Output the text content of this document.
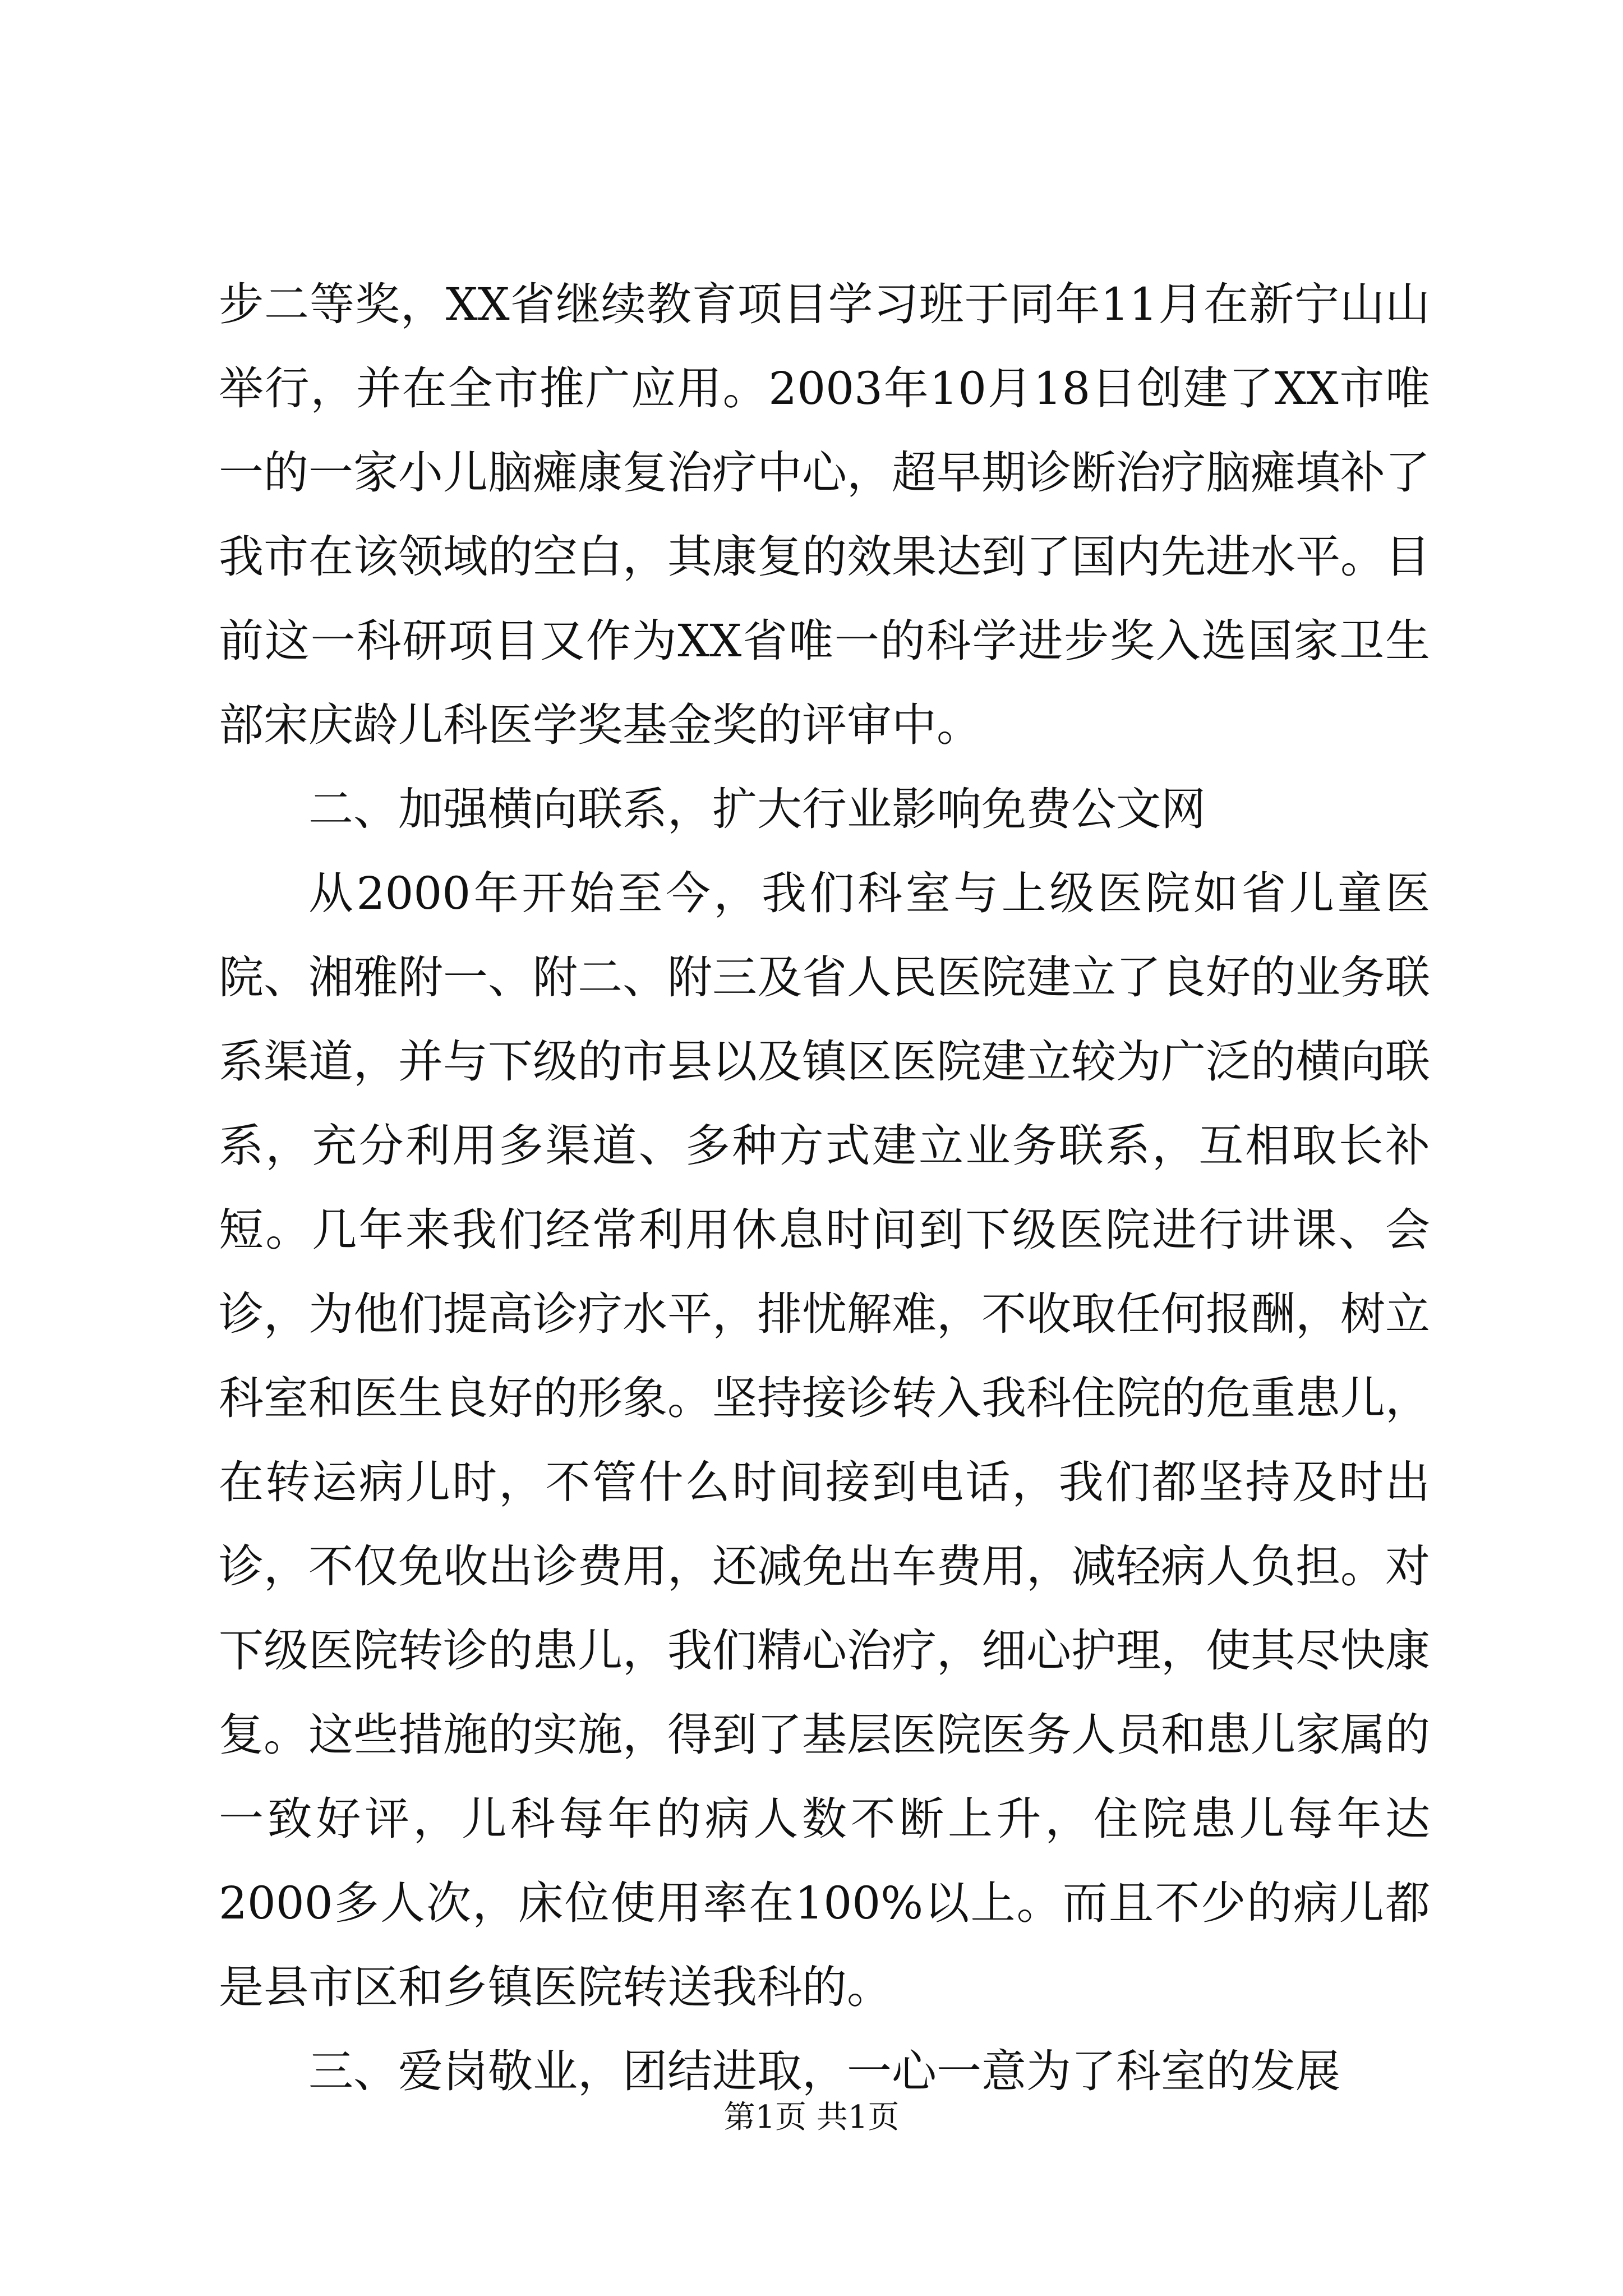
步二等奖，XX省继续教育项目学习班于同年11月在新宁山山举行，并在全市推广应用。2003年10月18日创建了XX市唯一的一家小儿脑瘫康复治疗中心，超早期诊断治疗脑瘫填补了我市在该领域的空白，其康复的效果达到了国内先进水平。目前这一科研项目又作为XX省唯一的科学进步奖入选国家卫生部宋庆龄儿科医学奖基金奖的评审中。

二、加强横向联系，扩大行业影响免费公文网

从2000年开始至今，我们科室与上级医院如省儿童医院、湘雅附一、附二、附三及省人民医院建立了良好的业务联系渠道，并与下级的市县以及镇区医院建立较为广泛的横向联系，充分利用多渠道、多种方式建立业务联系，互相取长补短。几年来我们经常利用休息时间到下级医院进行讲课、会诊，为他们提高诊疗水平，排忧解难，不收取任何报酬，树立科室和医生良好的形象。坚持接诊转入我科住院的危重患儿，在转运病儿时，不管什么时间接到电话，我们都坚持及时出诊，不仅免收出诊费用，还减免出车费用，减轻病人负担。对下级医院转诊的患儿，我们精心治疗，细心护理，使其尽快康复。这些措施的实施，得到了基层医院医务人员和患儿家属的一致好评，儿科每年的病人数不断上升，住院患儿每年达2000多人次，床位使用率在100%以上。而且不少的病儿都是县市区和乡镇医院转送我科的。

三、爱岗敬业，团结进取，一心一意为了科室的发展

第1页 共1页
